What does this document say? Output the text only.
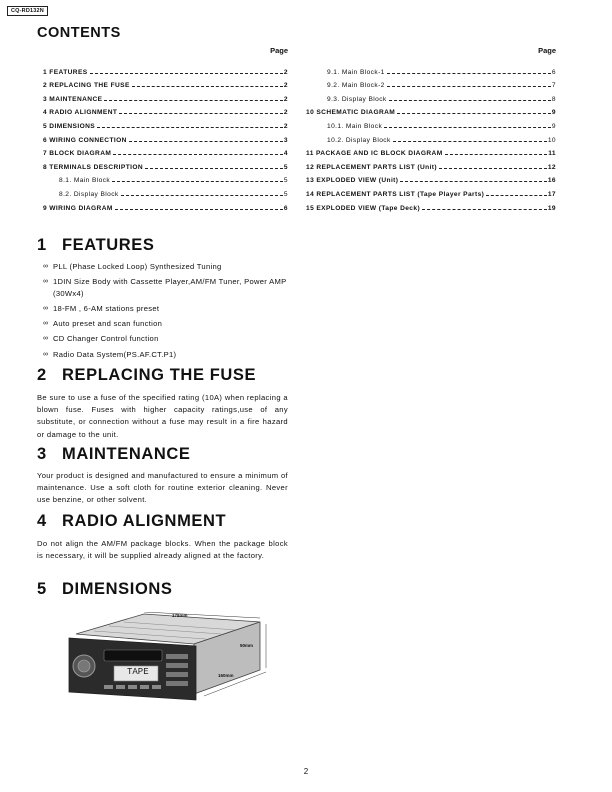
CQ-RD132N
CONTENTS
Page
1 FEATURES	2
2 REPLACING THE FUSE	2
3 MAINTENANCE	2
4 RADIO ALIGNMENT	2
5 DIMENSIONS	2
6 WIRING CONNECTION	3
7 BLOCK DIAGRAM	4
8 TERMINALS DESCRIPTION	5
8.1. Main Block	5
8.2. Display Block	5
9 WIRING DIAGRAM	6
Page
9.1. Main Block-1	6
9.2. Main Block-2	7
9.3. Display Block	8
10 SCHEMATIC DIAGRAM	9
10.1. Main Block	9
10.2. Display Block	10
11 PACKAGE AND IC BLOCK DIAGRAM	11
12 REPLACEMENT PARTS LIST (Unit)	12
13 EXPLODED VIEW (Unit)	16
14 REPLACEMENT PARTS LIST (Tape Player Parts)	17
15 EXPLODED VIEW (Tape Deck)	19
1 FEATURES
∞ PLL (Phase Locked Loop) Synthesized Tuning
∞ 1DIN Size Body with Cassette Player,AM/FM Tuner, Power AMP (30Wx4)
∞ 18-FM , 6-AM stations preset
∞ Auto preset and scan function
∞ CD Changer Control function
∞ Radio Data System(PS.AF.CT.P1)
2 REPLACING THE FUSE
Be sure to use a fuse of the specified rating (10A) when replacing a blown fuse. Fuses with higher capacity ratings,use of any substitute, or connection without a fuse may result in a fire hazard or damage to the unit.
3 MAINTENANCE
Your product is designed and manufactured to ensure a minimum of maintenance. Use a soft cloth for routine exterior cleaning. Never use benzine, or other solvent.
4 RADIO ALIGNMENT
Do not align the AM/FM package blocks. When the package block is necessary, it will be supplied already aligned at the factory.
5 DIMENSIONS
178mm
50mm
160mm
TAPE
2
